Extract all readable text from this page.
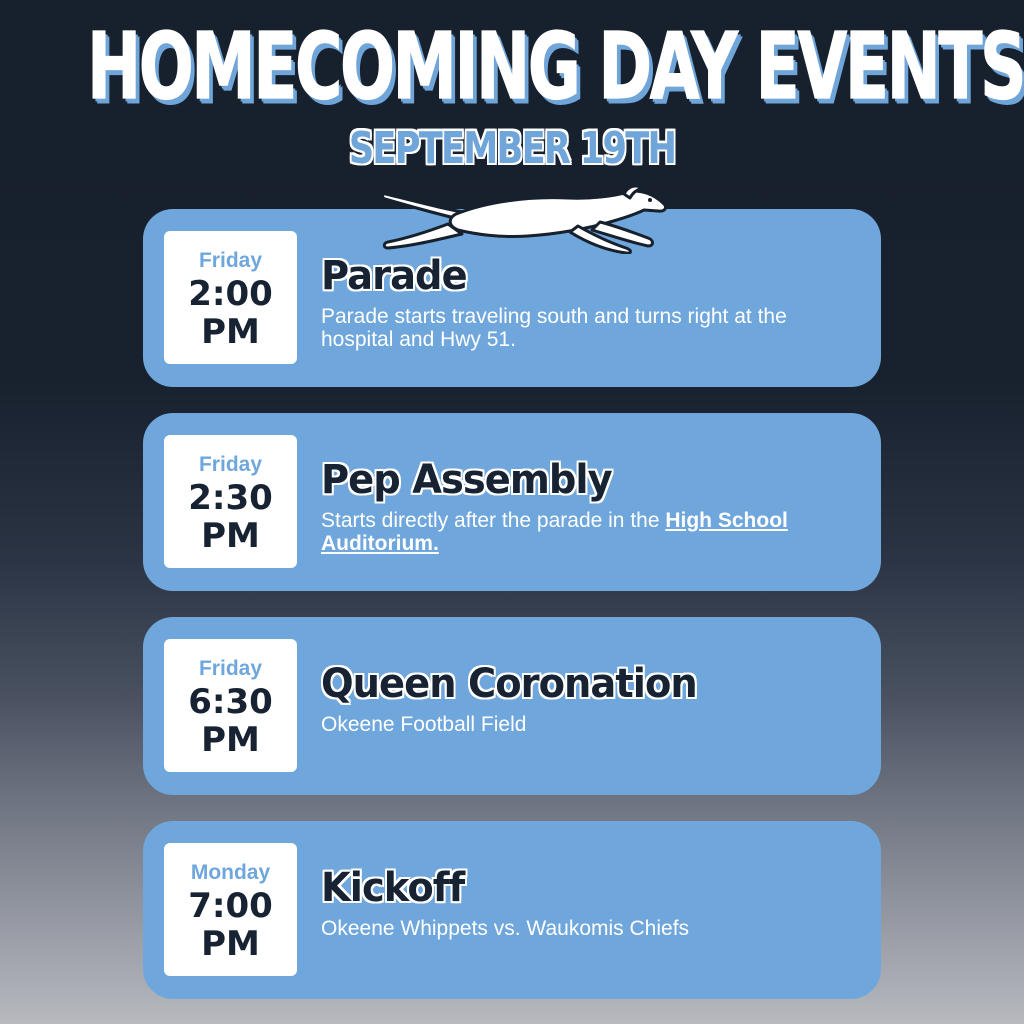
HOMECOMING DAY EVENTS
SEPTEMBER 19TH
Friday
2:00
PM
Parade
Parade starts traveling south and turns right at the hospital and Hwy 51.
Friday
2:30
PM
Pep Assembly
Starts directly after the parade in the High School Auditorium.
Friday
6:30
PM
Queen Coronation
Okeene Football Field
Monday
7:00
PM
Kickoff
Okeene Whippets vs. Waukomis Chiefs
